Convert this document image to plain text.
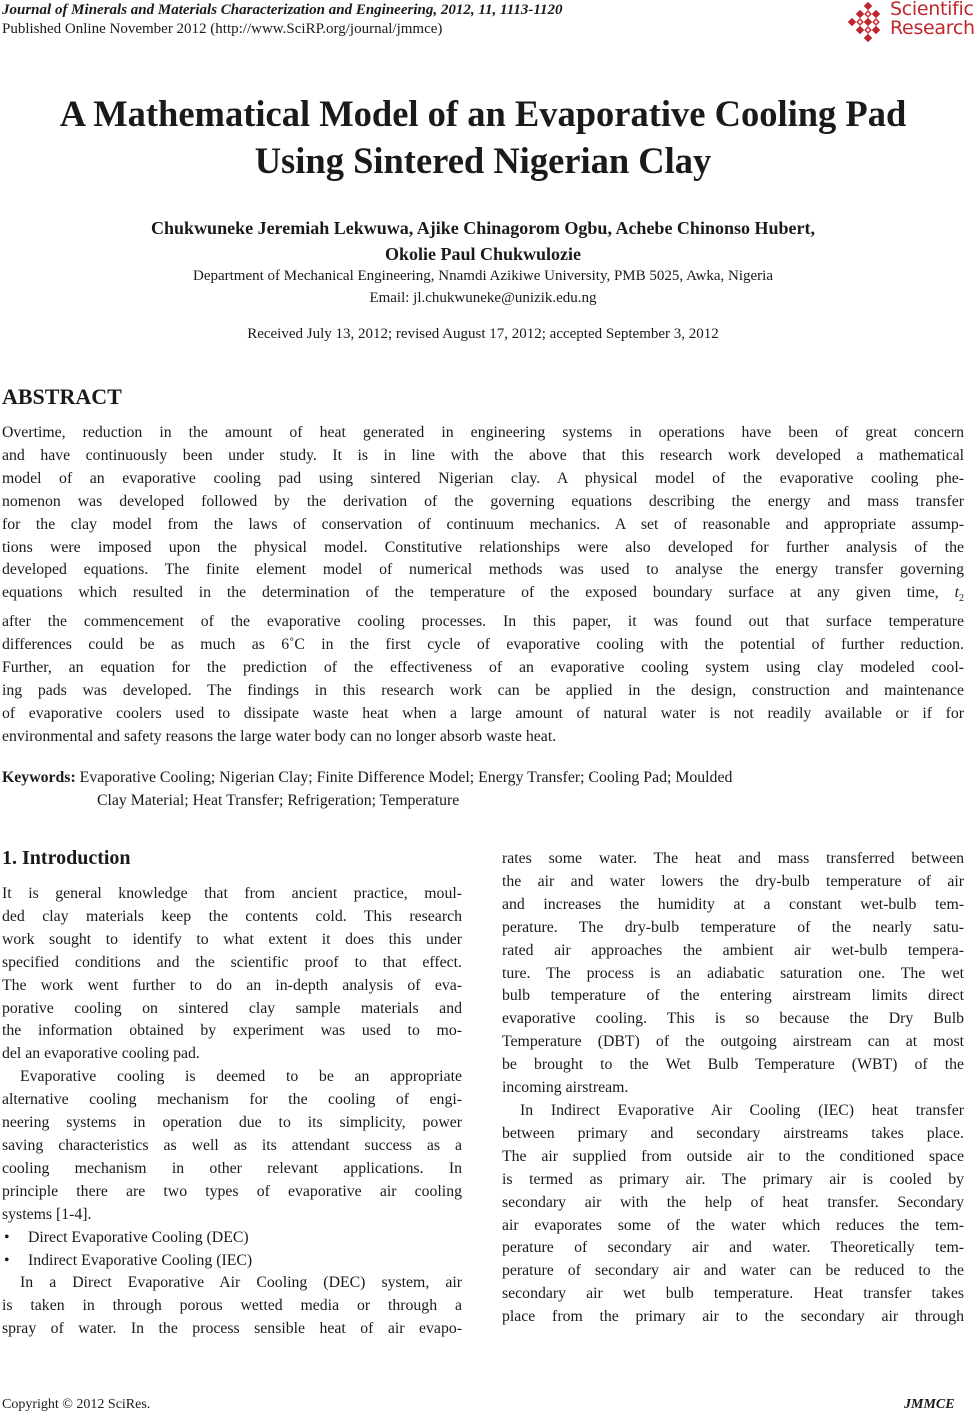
Journal of Minerals and Materials Characterization and Engineering, 2012, 11, 1113-1120
Published Online November 2012 (http://www.SciRP.org/journal/jmmce)
Scientific
Research
A Mathematical Model of an Evaporative Cooling Pad
Using Sintered Nigerian Clay
Chukwuneke Jeremiah Lekwuwa, Ajike Chinagorom Ogbu, Achebe Chinonso Hubert,
Okolie Paul Chukwulozie
Department of Mechanical Engineering, Nnamdi Azikiwe University, PMB 5025, Awka, Nigeria
Email: jl.chukwuneke@unizik.edu.ng
Received July 13, 2012; revised August 17, 2012; accepted September 3, 2012
ABSTRACT
Overtime, reduction in the amount of heat generated in engineering systems in operations have been of great concern
and have continuously been under study. It is in line with the above that this research work developed a mathematical
model of an evaporative cooling pad using sintered Nigerian clay. A physical model of the evaporative cooling phe-
nomenon was developed followed by the derivation of the governing equations describing the energy and mass transfer
for the clay model from the laws of conservation of continuum mechanics. A set of reasonable and appropriate assump-
tions were imposed upon the physical model. Constitutive relationships were also developed for further analysis of the
developed equations. The finite element model of numerical methods was used to analyse the energy transfer governing
equations which resulted in the determination of the temperature of the exposed boundary surface at any given time, $t_2$
after the commencement of the evaporative cooling processes. In this paper, it was found out that surface temperature
differences could be as much as 6˚C in the first cycle of evaporative cooling with the potential of further reduction.
Further, an equation for the prediction of the effectiveness of an evaporative cooling system using clay modeled cool-
ing pads was developed. The findings in this research work can be applied in the design, construction and maintenance
of evaporative coolers used to dissipate waste heat when a large amount of natural water is not readily available or if for
environmental and safety reasons the large water body can no longer absorb waste heat.
Keywords: Evaporative Cooling; Nigerian Clay; Finite Difference Model; Energy Transfer; Cooling Pad; Moulded
Clay Material; Heat Transfer; Refrigeration; Temperature
1. Introduction
It is general knowledge that from ancient practice, moul-
ded clay materials keep the contents cold. This research
work sought to identify to what extent it does this under
specified conditions and the scientific proof to that effect.
The work went further to do an in-depth analysis of eva-
porative cooling on sintered clay sample materials and
the information obtained by experiment was used to mo-
del an evaporative cooling pad.
Evaporative cooling is deemed to be an appropriate
alternative cooling mechanism for the cooling of engi-
neering systems in operation due to its simplicity, power
saving characteristics as well as its attendant success as a
cooling mechanism in other relevant applications. In
principle there are two types of evaporative air cooling
systems [1-4].
• Direct Evaporative Cooling (DEC)
• Indirect Evaporative Cooling (IEC)
In a Direct Evaporative Air Cooling (DEC) system, air
is taken in through porous wetted media or through a
spray of water. In the process sensible heat of air evapo-
rates some water. The heat and mass transferred between
the air and water lowers the dry-bulb temperature of air
and increases the humidity at a constant wet-bulb tem-
perature. The dry-bulb temperature of the nearly satu-
rated air approaches the ambient air wet-bulb tempera-
ture. The process is an adiabatic saturation one. The wet
bulb temperature of the entering airstream limits direct
evaporative cooling. This is so because the Dry Bulb
Temperature (DBT) of the outgoing airstream can at most
be brought to the Wet Bulb Temperature (WBT) of the
incoming airstream.
In Indirect Evaporative Air Cooling (IEC) heat transfer
between primary and secondary airstreams takes place.
The air supplied from outside air to the conditioned space
is termed as primary air. The primary air is cooled by
secondary air with the help of heat transfer. Secondary
air evaporates some of the water which reduces the tem-
perature of secondary air and water. Theoretically tem-
perature of secondary air and water can be reduced to the
secondary air wet bulb temperature. Heat transfer takes
place from the primary air to the secondary air through
Copyright © 2012 SciRes.	JMMCE
